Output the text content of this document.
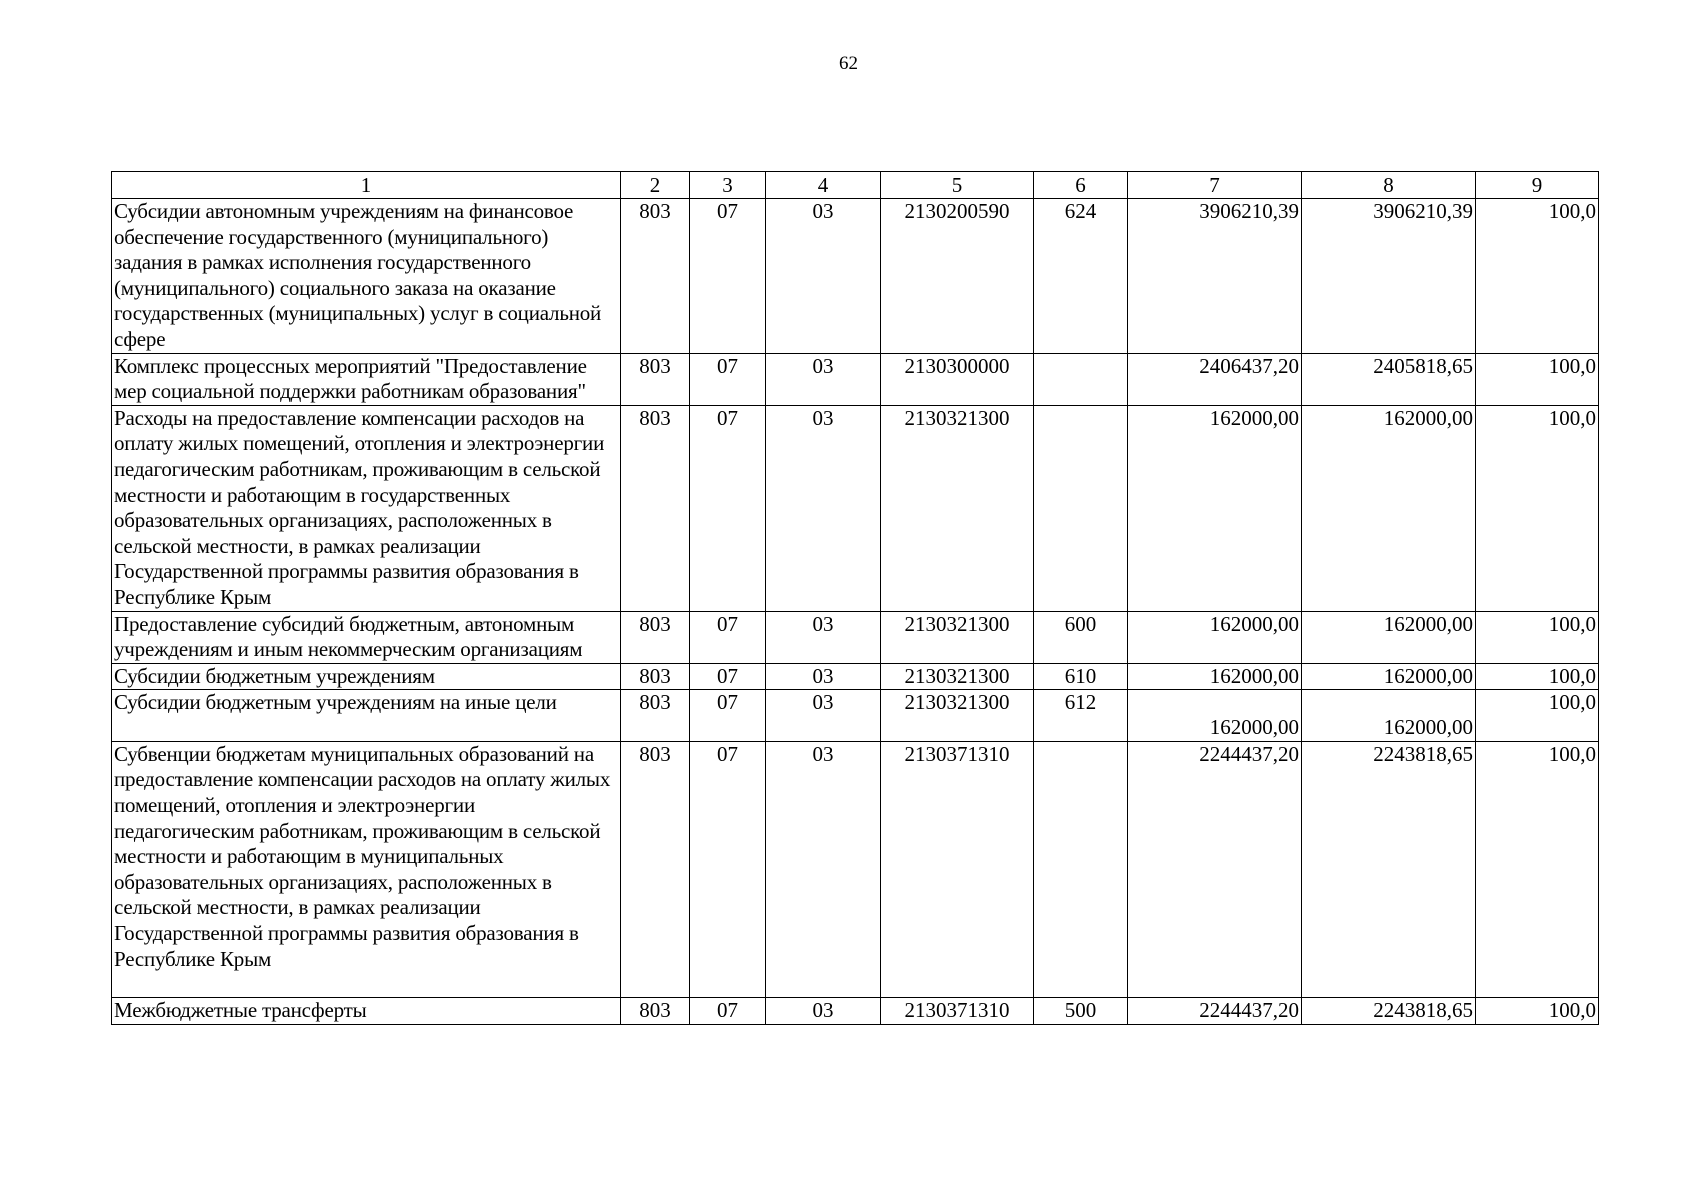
62
1	2	3	4	5	6	7	8	9
Субсидии автономным учреждениям на финансовое обеспечение государственного (муниципального) задания в рамках исполнения государственного (муниципального) социального заказа на оказание государственных (муниципальных) услуг в социальной сфере	803	07	03	2130200590	624	3906210,39	3906210,39	100,0
Комплекс процессных мероприятий "Предоставление мер социальной поддержки работникам образования"	803	07	03	2130300000		2406437,20	2405818,65	100,0
Расходы на предоставление компенсации расходов на оплату жилых помещений, отопления и электроэнергии педагогическим работникам, проживающим в сельской местности и работающим в государственных образовательных организациях, расположенных в сельской местности, в рамках реализации Государственной программы развития образования в Республике Крым	803	07	03	2130321300		162000,00	162000,00	100,0
Предоставление субсидий бюджетным, автономным учреждениям и иным некоммерческим организациям	803	07	03	2130321300	600	162000,00	162000,00	100,0
Субсидии бюджетным учреждениям	803	07	03	2130321300	610	162000,00	162000,00	100,0
Субсидии бюджетным учреждениям на иные цели	803	07	03	2130321300	612	162000,00	162000,00	100,0
Субвенции бюджетам муниципальных образований на предоставление компенсации расходов на оплату жилых помещений, отопления и электроэнергии педагогическим работникам, проживающим в сельской местности и работающим в муниципальных образовательных организациях, расположенных в сельской местности, в рамках реализации Государственной программы развития образования в Республике Крым	803	07	03	2130371310		2244437,20	2243818,65	100,0
Межбюджетные трансферты	803	07	03	2130371310	500	2244437,20	2243818,65	100,0
